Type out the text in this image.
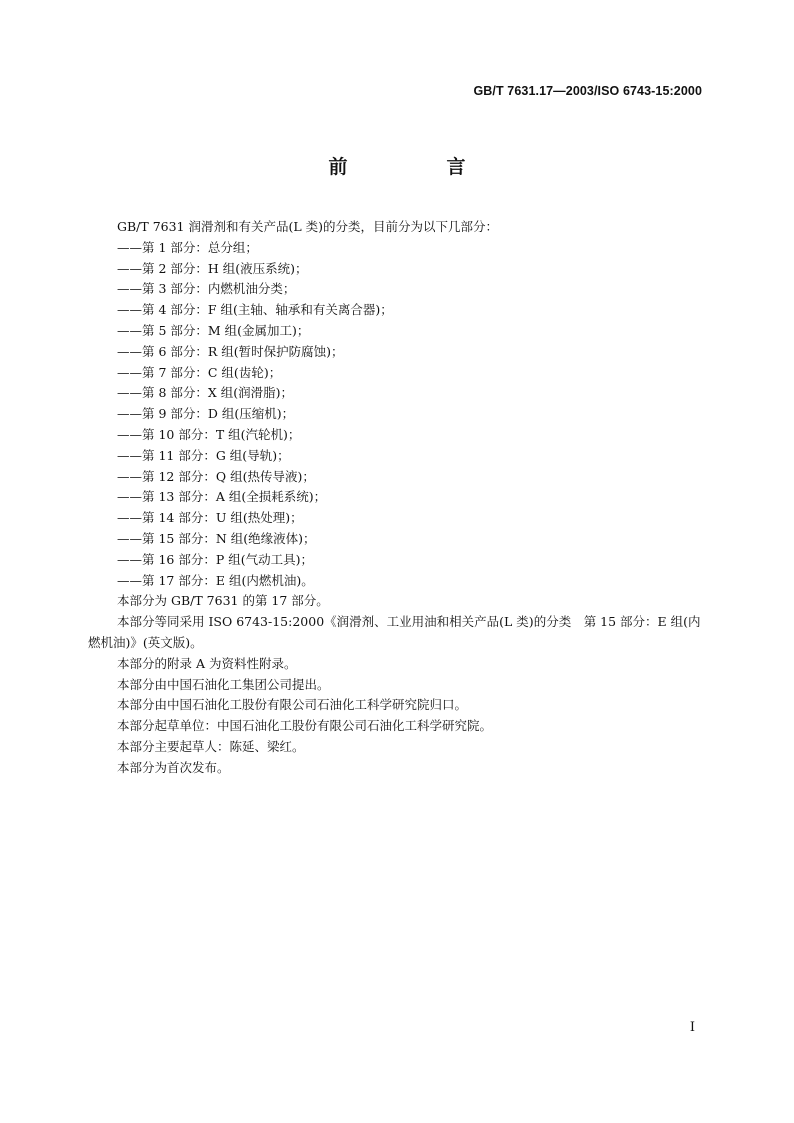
GB/T 7631.17—2003/ISO 6743-15:2000
前　言
GB/T 7631 润滑剂和有关产品(L 类)的分类，目前分为以下几部分：
——第 1 部分：总分组；
——第 2 部分：H 组(液压系统)；
——第 3 部分：内燃机油分类；
——第 4 部分：F 组(主轴、轴承和有关离合器)；
——第 5 部分：M 组(金属加工)；
——第 6 部分：R 组(暂时保护防腐蚀)；
——第 7 部分：C 组(齿轮)；
——第 8 部分：X 组(润滑脂)；
——第 9 部分：D 组(压缩机)；
——第 10 部分：T 组(汽轮机)；
——第 11 部分：G 组(导轨)；
——第 12 部分：Q 组(热传导液)；
——第 13 部分：A 组(全损耗系统)；
——第 14 部分：U 组(热处理)；
——第 15 部分：N 组(绝缘液体)；
——第 16 部分：P 组(气动工具)；
——第 17 部分：E 组(内燃机油)。
本部分为 GB/T 7631 的第 17 部分。
本部分等同采用 ISO 6743-15:2000《润滑剂、工业用油和相关产品(L 类)的分类　第 15 部分：E 组(内燃机油)》(英文版)。
本部分的附录 A 为资料性附录。
本部分由中国石油化工集团公司提出。
本部分由中国石油化工股份有限公司石油化工科学研究院归口。
本部分起草单位：中国石油化工股份有限公司石油化工科学研究院。
本部分主要起草人：陈延、梁红。
本部分为首次发布。
I
